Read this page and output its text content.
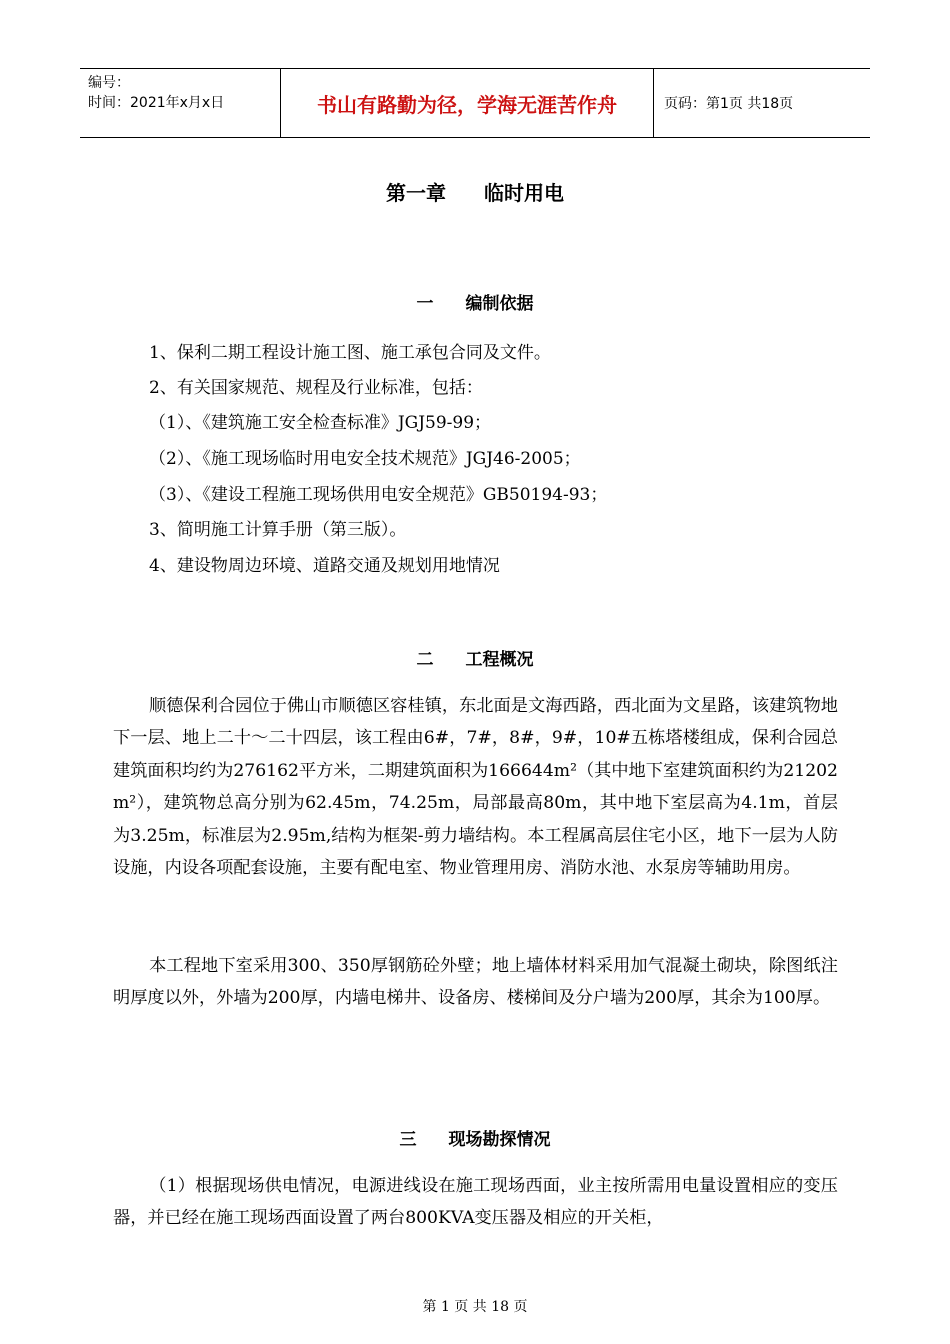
编号：
时间：2021年x月x日	书山有路勤为径，学海无涯苦作舟	页码：第1页 共18页
第一章 临时用电
一 编制依据
1、保利二期工程设计施工图、施工承包合同及文件。
2、有关国家规范、规程及行业标准，包括：
（1）、《建筑施工安全检查标准》JGJ59-99；
（2）、《施工现场临时用电安全技术规范》JGJ46-2005；
（3）、《建设工程施工现场供用电安全规范》GB50194-93；
3、简明施工计算手册（第三版）。
4、建设物周边环境、道路交通及规划用地情况
二 工程概况

顺德保利合园位于佛山市顺德区容桂镇，东北面是文海西路，西北面为文星路，该建筑物地下一层、地上二十～二十四层，该工程由6#，7#，8#，9#，10#五栋塔楼组成，保利合园总建筑面积均约为276162平方米，二期建筑面积为166644m²（其中地下室建筑面积约为21202 m²），建筑物总高分别为62.45m，74.25m，局部最高80m，其中地下室层高为4.1m，首层为3.25m，标准层为2.95m,结构为框架-剪力墙结构。本工程属高层住宅小区，地下一层为人防设施，内设各项配套设施，主要有配电室、物业管理用房、消防水池、水泵房等辅助用房。

本工程地下室采用300、350厚钢筋砼外壁；地上墙体材料采用加气混凝土砌块，除图纸注明厚度以外，外墙为200厚，内墙电梯井、设备房、楼梯间及分户墙为200厚，其余为100厚。

三 现场勘探情况

（1）根据现场供电情况，电源进线设在施工现场西面，业主按所需用电量设置相应的变压器，并已经在施工现场西面设置了两台800KVA变压器及相应的开关柜，

第 1 页 共 18 页
